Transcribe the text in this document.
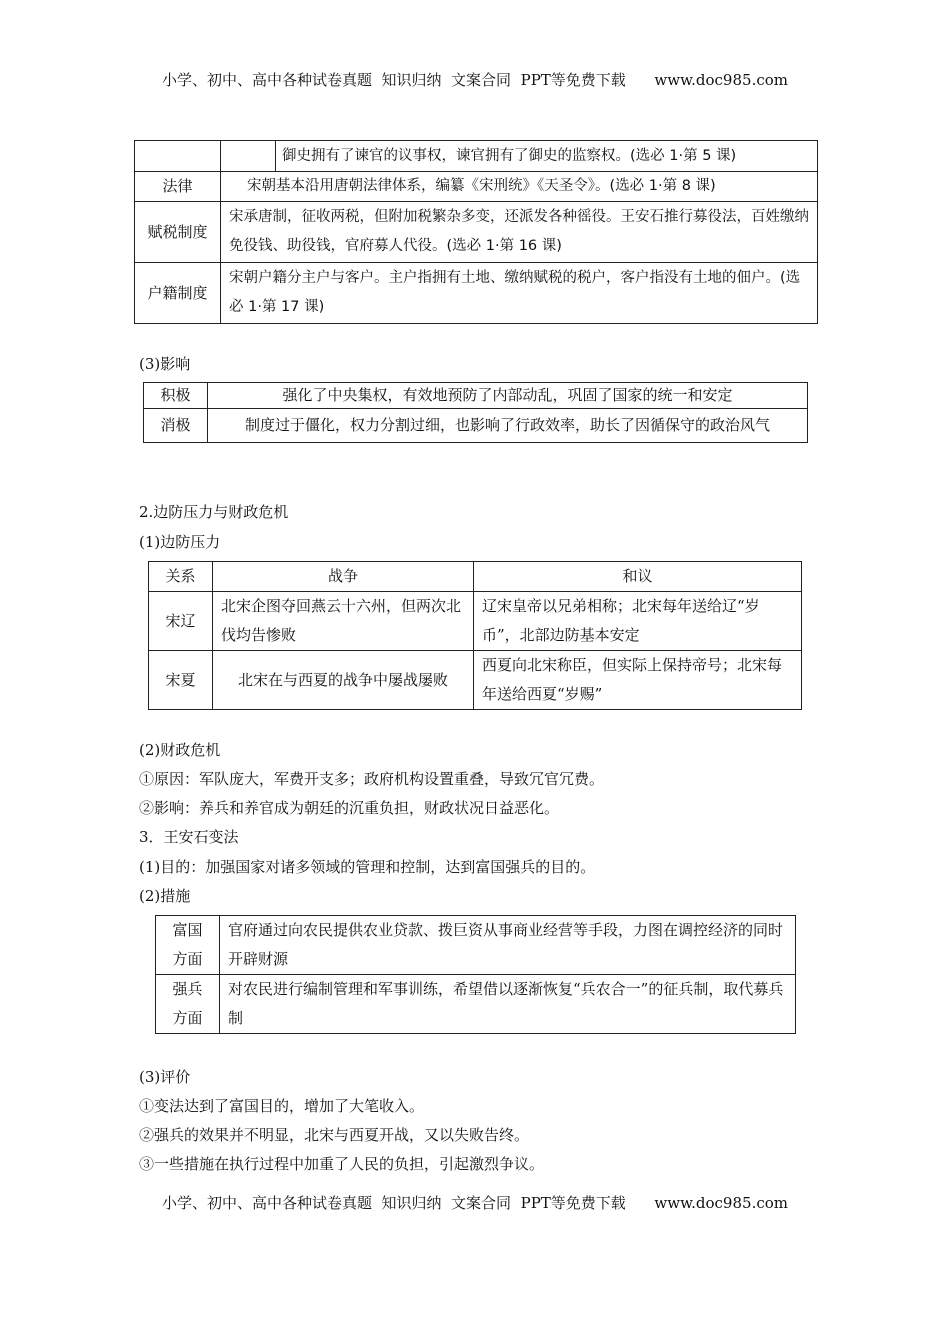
小学、初中、高中各种试卷真题  知识归纳  文案合同  PPT等免费下载      www.doc985.com
		御史拥有了谏官的议事权，谏官拥有了御史的监察权。(选必 1·第 5 课)
法律	宋朝基本沿用唐朝法律体系，编纂《宋刑统》《天圣令》。(选必 1·第 8 课)	
赋税制度	宋承唐制，征收两税，但附加税繁杂多变，还派发各种徭役。王安石推行募役法，百姓缴纳免役钱、助役钱，官府募人代役。(选必 1·第 16 课)	
户籍制度	宋朝户籍分主户与客户。主户指拥有土地、缴纳赋税的税户，客户指没有土地的佃户。(选必 1·第 17 课)	
(3)影响
积极	强化了中央集权，有效地预防了内部动乱，巩固了国家的统一和安定
消极	制度过于僵化，权力分割过细，也影响了行政效率，助长了因循保守的政治风气
2.边防压力与财政危机
(1)边防压力
关系	战争	和议
宋辽	北宋企图夺回燕云十六州，但两次北伐均告惨败	辽宋皇帝以兄弟相称；北宋每年送给辽“岁币”，北部边防基本安定
宋夏	北宋在与西夏的战争中屡战屡败	西夏向北宋称臣，但实际上保持帝号；北宋每年送给西夏“岁赐”
(2)财政危机
①原因：军队庞大，军费开支多；政府机构设置重叠，导致冗官冗费。
②影响：养兵和养官成为朝廷的沉重负担，财政状况日益恶化。
3．王安石变法
(1)目的：加强国家对诸多领域的管理和控制，达到富国强兵的目的。
(2)措施
富国方面	官府通过向农民提供农业贷款、拨巨资从事商业经营等手段，力图在调控经济的同时开辟财源
强兵方面	对农民进行编制管理和军事训练，希望借以逐渐恢复“兵农合一”的征兵制，取代募兵制
(3)评价
①变法达到了富国目的，增加了大笔收入。
②强兵的效果并不明显，北宋与西夏开战，又以失败告终。
③一些措施在执行过程中加重了人民的负担，引起激烈争议。
小学、初中、高中各种试卷真题  知识归纳  文案合同  PPT等免费下载      www.doc985.com
